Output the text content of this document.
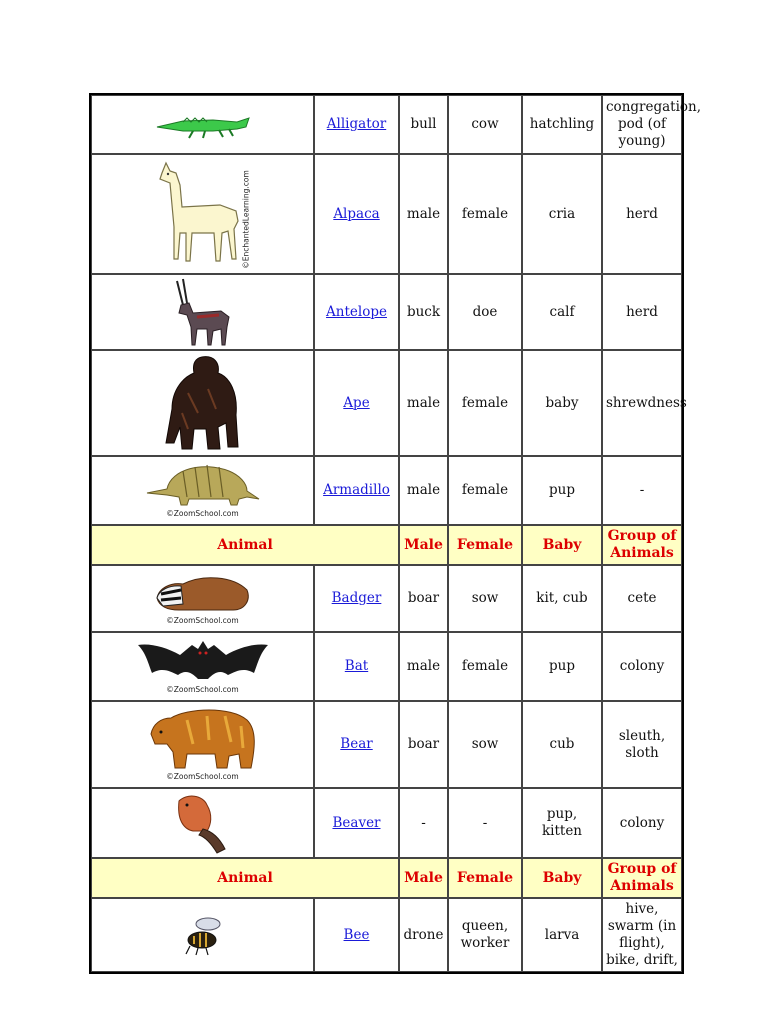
	Alligator	bull	cow	hatchling	congregation, pod (of young)

©EnchantedLearning.com	Alpaca	male	female	cria	herd

	Antelope	buck	doe	calf	herd

	Ape	male	female	baby	shrewdness

©ZoomSchool.com	Armadillo	male	female	pup	-
Animal		Male	Female	Baby	Group of Animals

©ZoomSchool.com	Badger	boar	sow	kit, cub	cete

©ZoomSchool.com	Bat	male	female	pup	colony

©ZoomSchool.com	Bear	boar	sow	cub	sleuth, sloth

	Beaver	-	-	pup, kitten	colony
Animal		Male	Female	Baby	Group of Animals

	Bee	drone	queen, worker	larva	hive, swarm (in flight), bike, drift,
